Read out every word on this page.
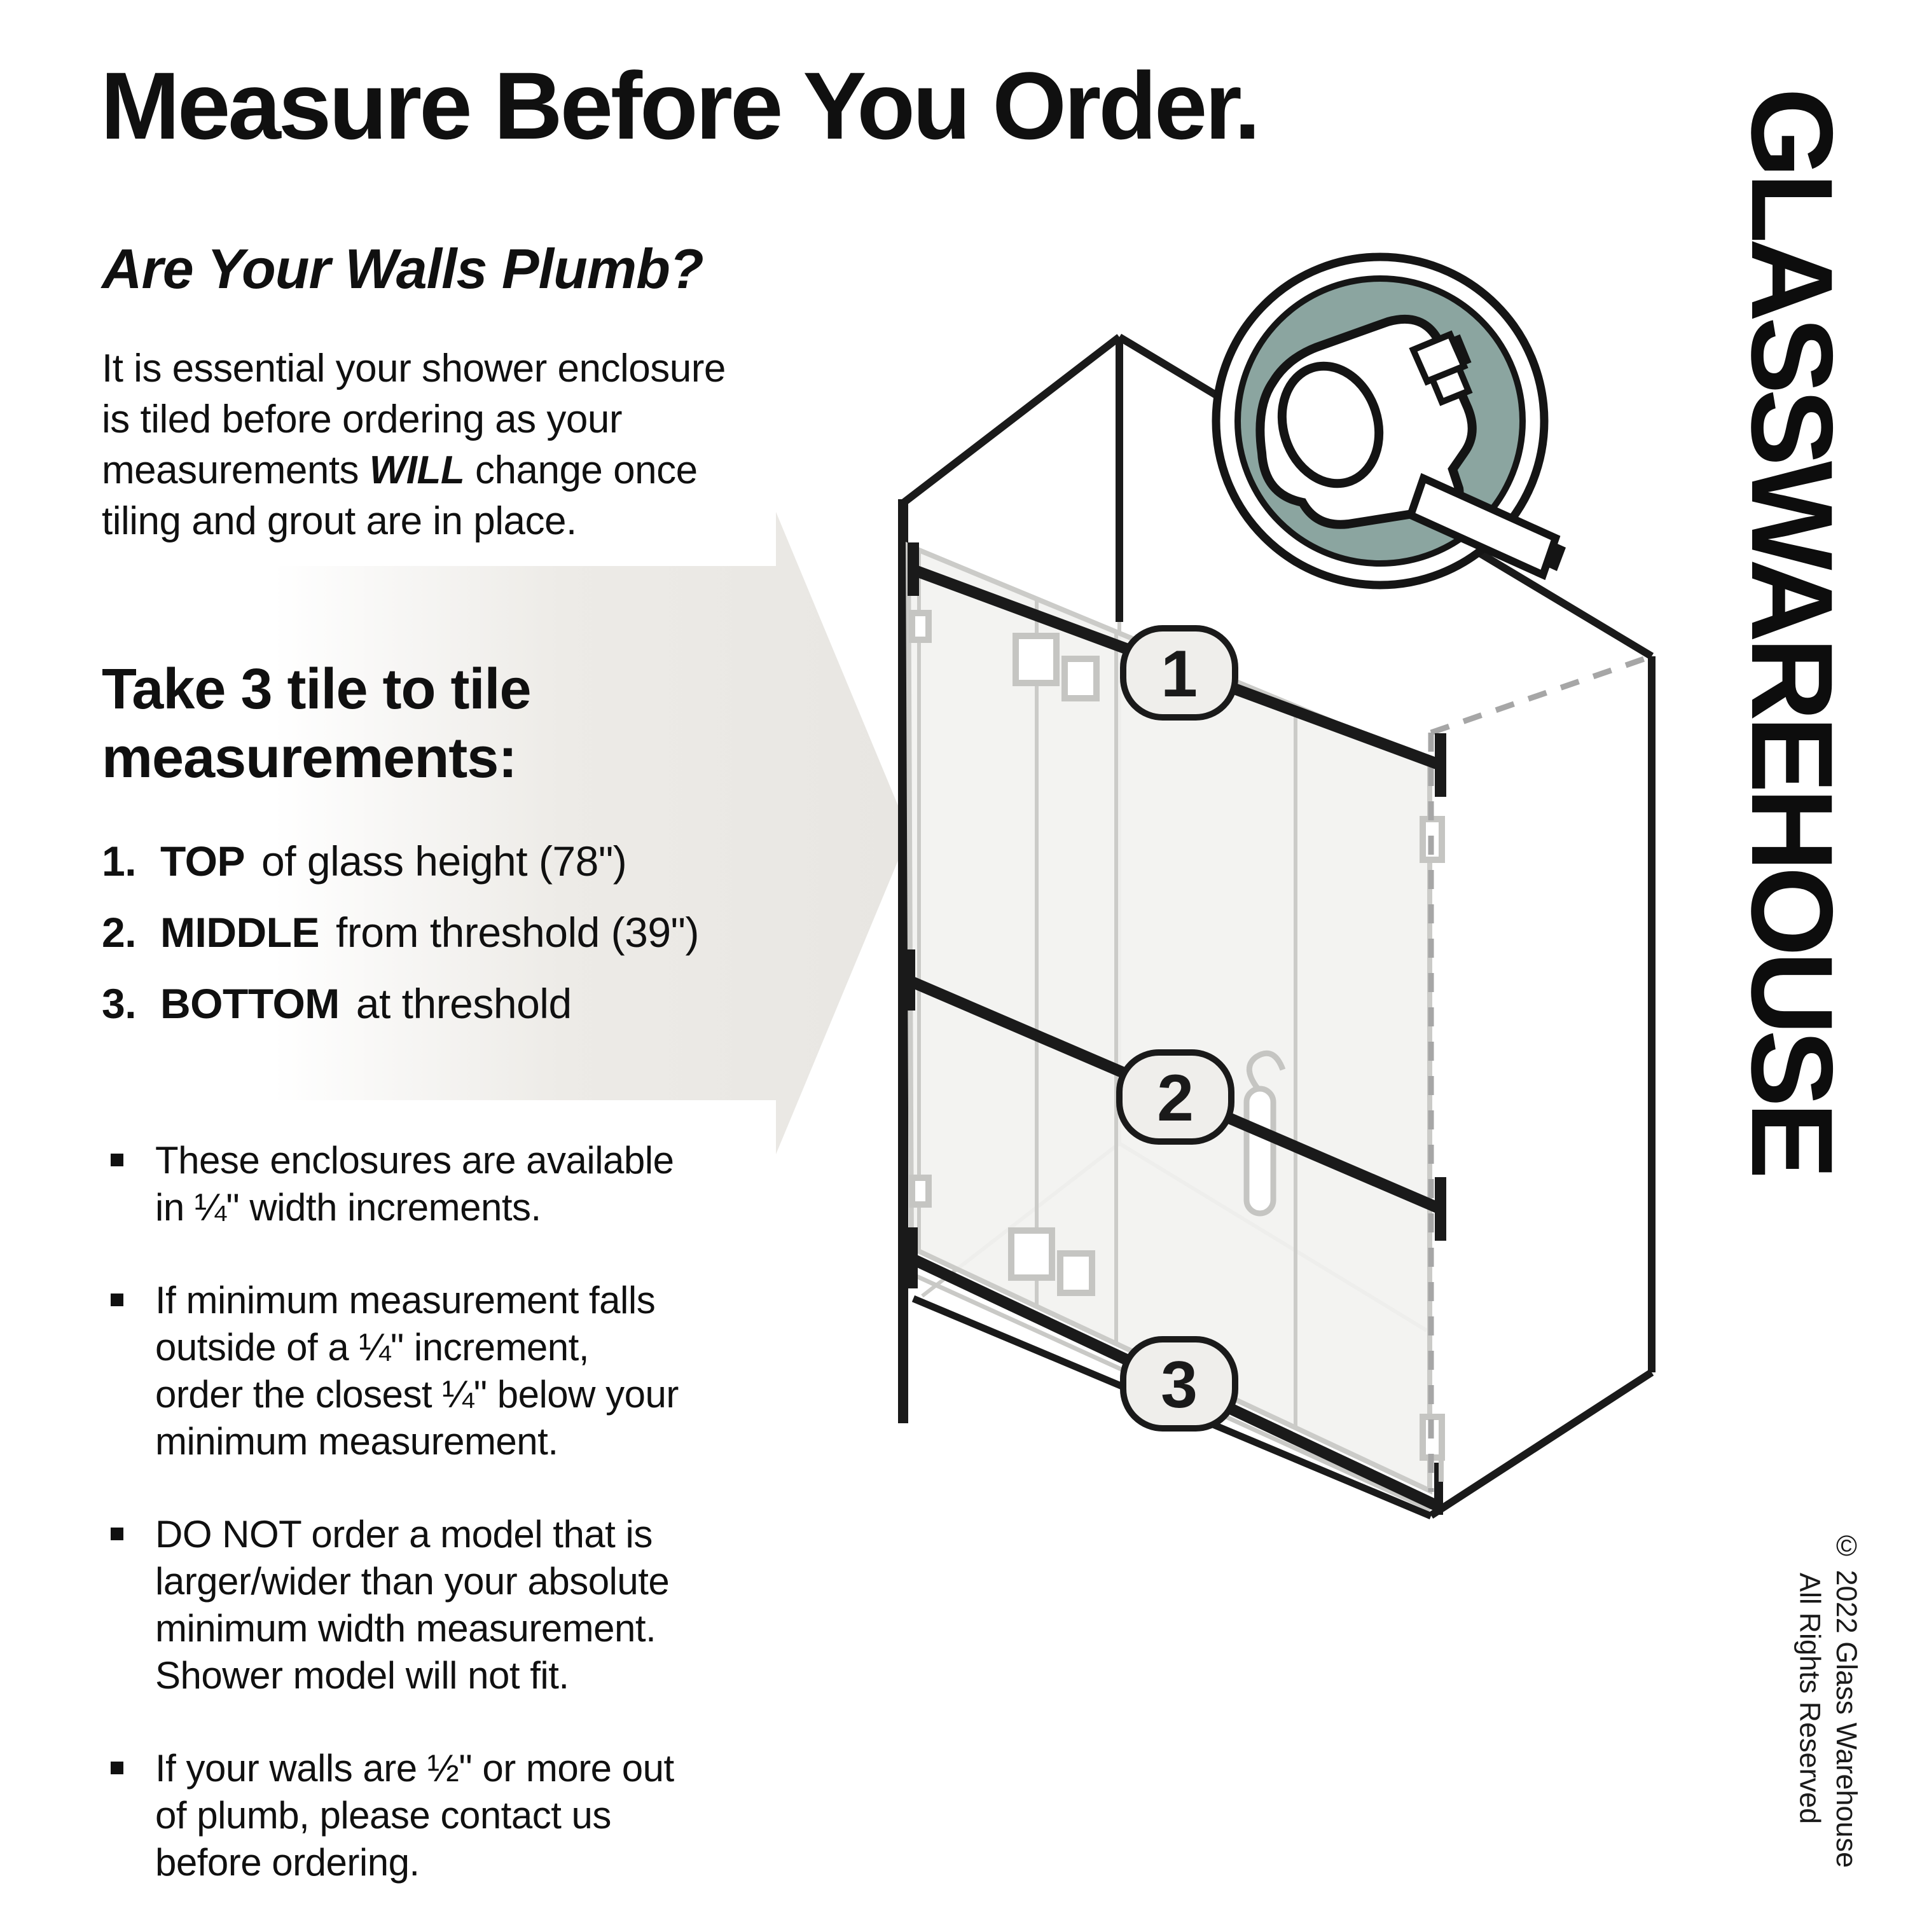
Measure Before You Order.
Are Your Walls Plumb?
It is essential your shower enclosure
is tiled before ordering as your
measurements WILL change once
tiling and grout are in place.
Take 3 tile to tile
measurements:
1. TOP of glass height (78")
2. MIDDLE from threshold (39")
3. BOTTOM at threshold
These enclosures are available
in ¼" width increments.
If minimum measurement falls
outside of a ¼" increment,
order the closest ¼" below your
minimum measurement.
DO NOT order a model that is
larger/wider than your absolute
minimum width measurement.
Shower model will not fit.
If your walls are ½" or more out
of plumb, please contact us
before ordering.
1
2
3
GLASSWAREHOUSE
© 2022 Glass Warehouse
All Rights Reserved
